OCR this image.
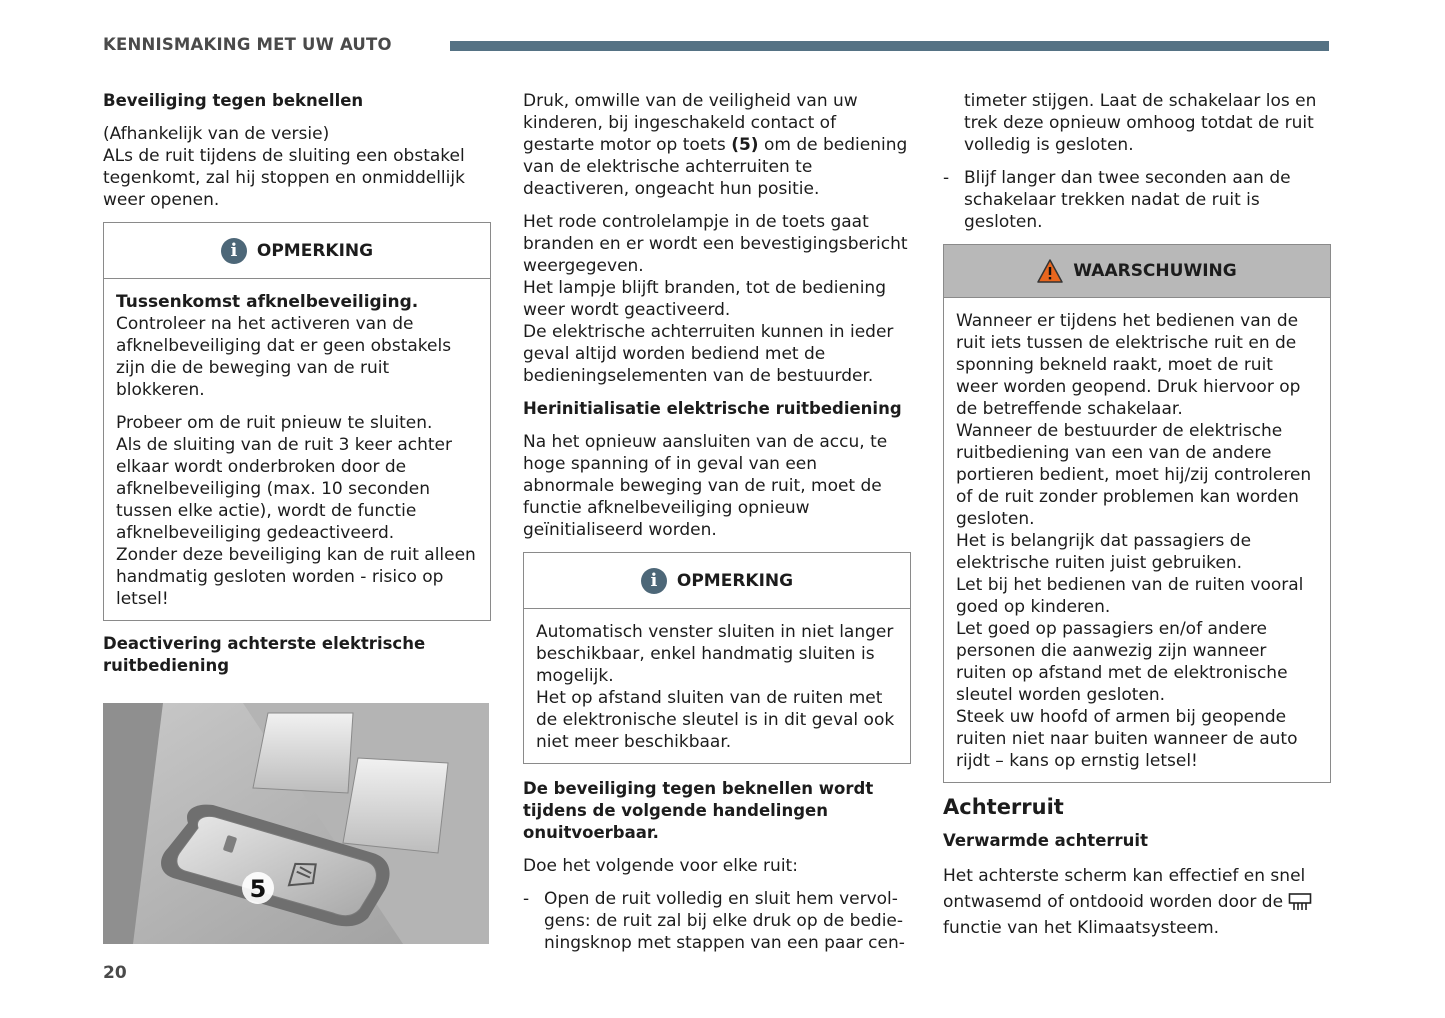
KENNISMAKING MET UW AUTO
Beveiliging tegen beknellen

(Afhankelijk van de versie)

ALs de ruit tijdens de sluiting een obstakel tegenkomt, zal hij stoppen en onmiddellijk weer openen.

i	OPMERKING

Tussenkomst afknelbeveiliging. Controleer na het activeren van de afknelbeveiliging dat er geen obstakels zijn die de beweging van de ruit blokkeren.

Probeer om de ruit pnieuw te sluiten.

Als de sluiting van de ruit 3 keer achter elkaar wordt onderbroken door de afknelbeveiliging (max. 10 seconden tussen elke actie), wordt de functie afknelbeveiliging gedeactiveerd.

Zonder deze beveiliging kan de ruit alleen handmatig gesloten worden - risico op letsel!

Deactivering achterste elektrische ruitbediening
5

Druk, omwille van de veiligheid van uw kinderen, bij ingeschakeld contact of gestarte motor op toets (5) om de bediening van de elektrische achterruiten te deactiveren, ongeacht hun positie.

Het rode controlelampje in de toets gaat branden en er wordt een bevestigingsbericht weergegeven.

Het lampje blijft branden, tot de bediening weer wordt geactiveerd.

De elektrische achterruiten kunnen in ieder geval altijd worden bediend met de bedieningselementen van de bestuurder.

Herinitialisatie elektrische ruitbediening

Na het opnieuw aansluiten van de accu, te hoge spanning of in geval van een abnormale beweging van de ruit, moet de functie afknelbeveiliging opnieuw geïnitialiseerd worden.

i	OPMERKING

Automatisch venster sluiten in niet langer beschikbaar, enkel handmatig sluiten is mogelijk.

Het op afstand sluiten van de ruiten met de elektronische sleutel is in dit geval ook niet meer beschikbaar.

De beveiliging tegen beknellen wordt tijdens de volgende handelingen onuitvoerbaar.

Doe het volgende voor elke ruit:

- Open de ruit volledig en sluit hem vervol-
gens: de ruit zal bij elke druk op de bedie-
ningsknop met stappen van een paar cen-
timeter stijgen. Laat de schakelaar los en trek deze opnieuw omhoog totdat de ruit volledig is gesloten.
- Blijf langer dan twee seconden aan de schakelaar trekken nadat de ruit is gesloten.
WAARSCHUWING

Wanneer er tijdens het bedienen van de ruit iets tussen de elektrische ruit en de sponning bekneld raakt, moet de ruit weer worden geopend. Druk hiervoor op de betreffende schakelaar.

Wanneer de bestuurder de elektrische ruitbediening van een van de andere portieren bedient, moet hij/zij controleren of de ruit zonder problemen kan worden gesloten.

Het is belangrijk dat passagiers de elektrische ruiten juist gebruiken.

Let bij het bedienen van de ruiten vooral goed op kinderen.

Let goed op passagiers en/of andere personen die aanwezig zijn wanneer ruiten op afstand met de elektronische sleutel worden gesloten.

Steek uw hoofd of armen bij geopende ruiten niet naar buiten wanneer de auto rijdt – kans op ernstig letsel!

Achterruit
Verwarmde achterruit

Het achterste scherm kan effectief en snel ontwasemd of ontdooid worden door de  functie van het Klimaatsysteem.

20
